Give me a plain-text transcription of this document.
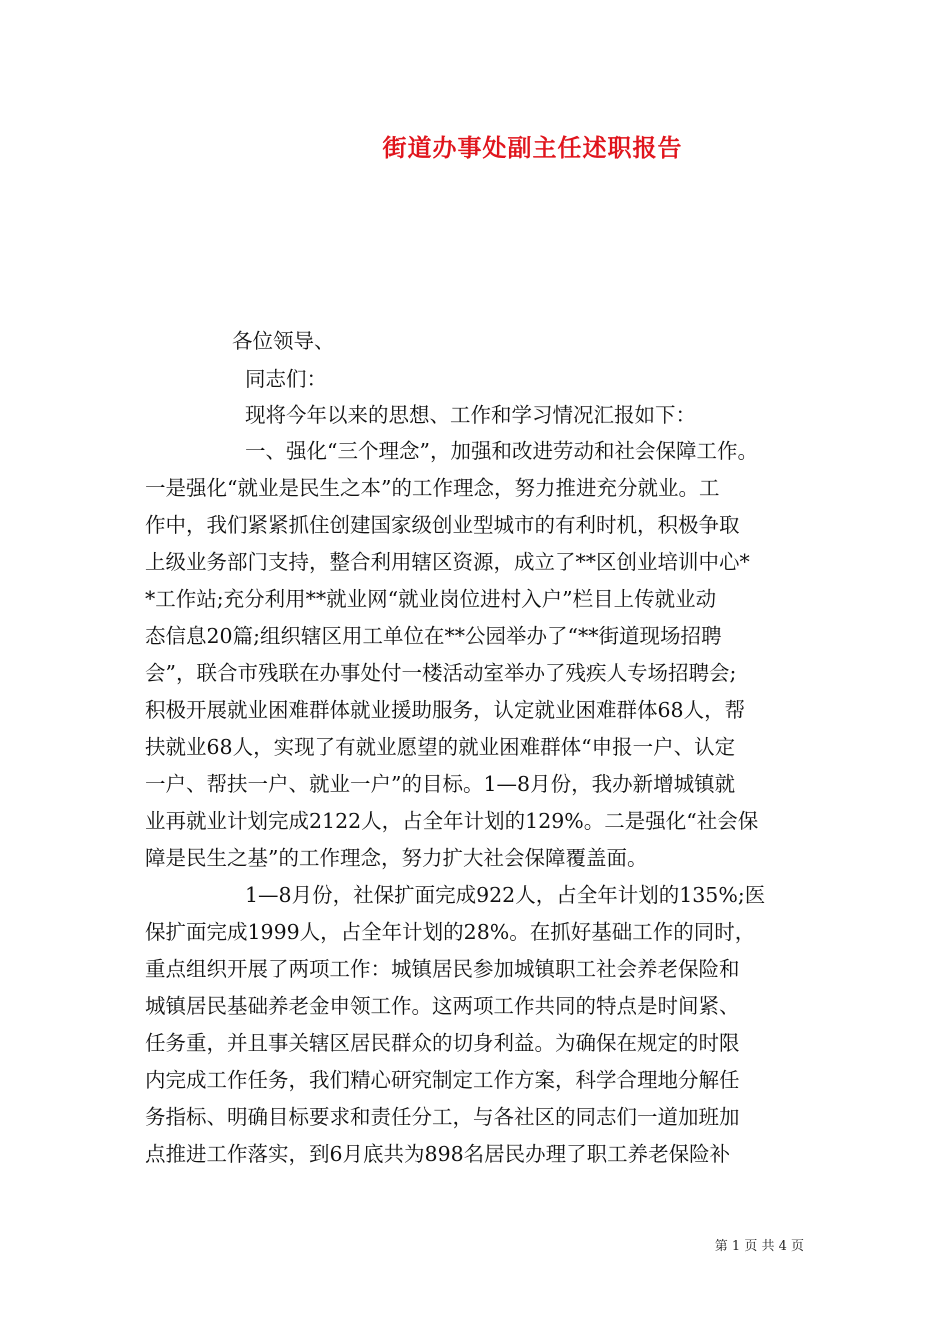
街道办事处副主任述职报告
各位领导、
同志们：
现将今年以来的思想、工作和学习情况汇报如下：
一、强化“三个理念”，加强和改进劳动和社会保障工作。
一是强化“就业是民生之本”的工作理念，努力推进充分就业。工
作中，我们紧紧抓住创建国家级创业型城市的有利时机，积极争取
上级业务部门支持，整合利用辖区资源，成立了**区创业培训中心*
*工作站;充分利用**就业网“就业岗位进村入户”栏目上传就业动
态信息20篇;组织辖区用工单位在**公园举办了“**街道现场招聘
会”，联合市残联在办事处付一楼活动室举办了残疾人专场招聘会;
积极开展就业困难群体就业援助服务，认定就业困难群体68人，帮
扶就业68人，实现了有就业愿望的就业困难群体“申报一户、认定
一户、帮扶一户、就业一户”的目标。1—8月份，我办新增城镇就
业再就业计划完成2122人，占全年计划的129%。二是强化“社会保
障是民生之基”的工作理念，努力扩大社会保障覆盖面。
1—8月份，社保扩面完成922人，占全年计划的135%;医
保扩面完成1999人，占全年计划的28%。在抓好基础工作的同时，
重点组织开展了两项工作：城镇居民参加城镇职工社会养老保险和
城镇居民基础养老金申领工作。这两项工作共同的特点是时间紧、
任务重，并且事关辖区居民群众的切身利益。为确保在规定的时限
内完成工作任务，我们精心研究制定工作方案，科学合理地分解任
务指标、明确目标要求和责任分工，与各社区的同志们一道加班加
点推进工作落实，到6月底共为898名居民办理了职工养老保险补
第 1 页 共 4 页
